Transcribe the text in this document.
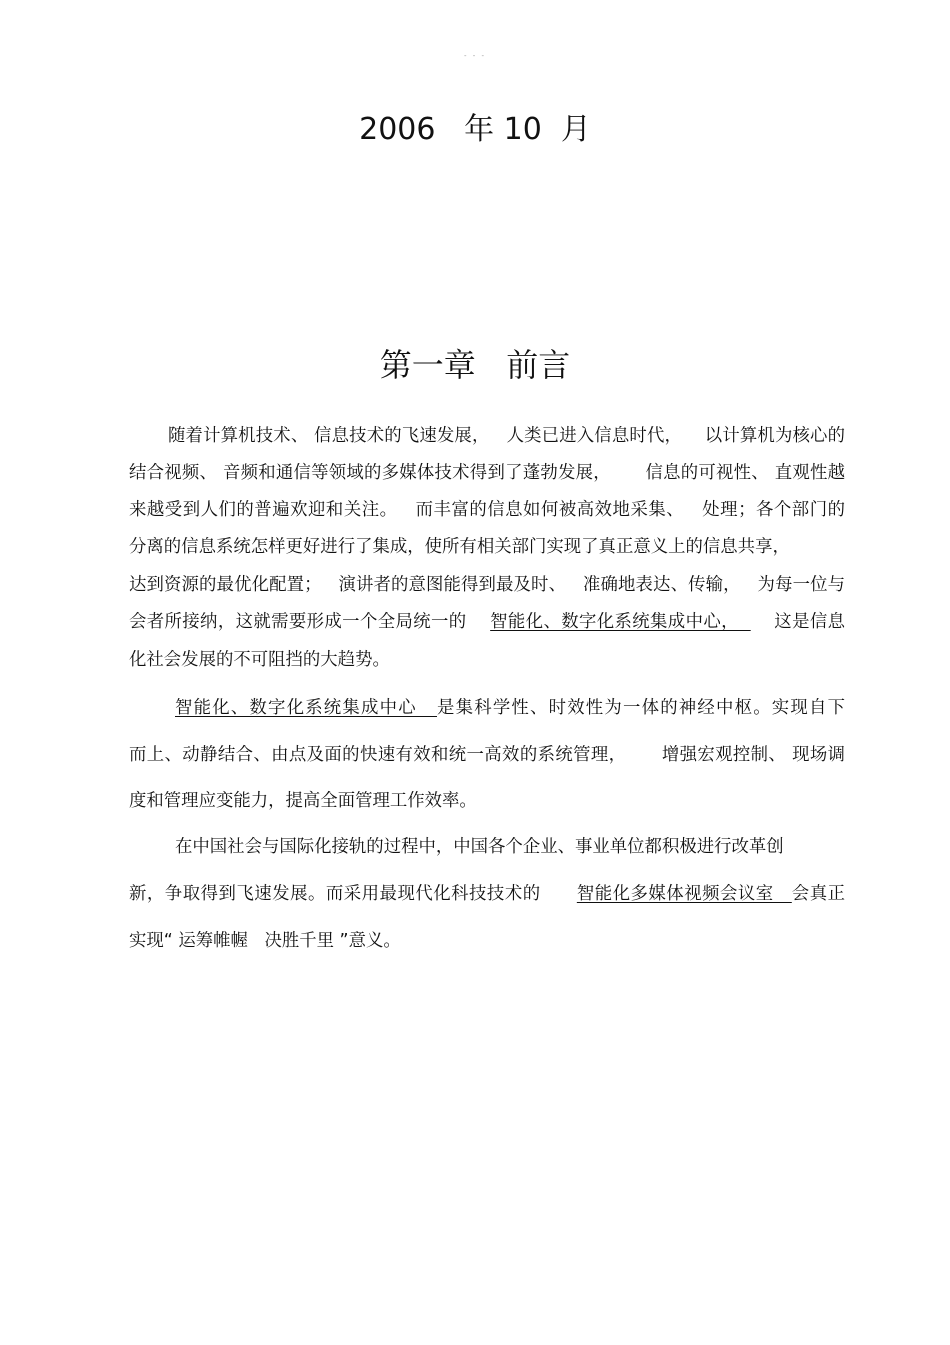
- - -
2006   年 10  月
第一章   前言
随着计算机技术、 信息技术的飞速发展，   人类已进入信息时代，    以计算机为核心的
结合视频、 音频和通信等领域的多媒体技术得到了蓬勃发展，      信息的可视性、 直观性越
来越受到人们的普遍欢迎和关注。   而丰富的信息如何被高效地采集、   处理；各个部门的
分离的信息系统怎样更好进行了集成，使所有相关部门实现了真正意义上的信息共享，
达到资源的最优化配置；   演讲者的意图能得到最及时、   准确地表达、传输，   为每一位与
会者所接纳，这就需要形成一个全局统一的    智能化、数字化系统集成中心，      这是信息
化社会发展的不可阻挡的大趋势。
智能化、数字化系统集成中心   是集科学性、时效性为一体的神经中枢。实现自下
而上、动静结合、由点及面的快速有效和统一高效的系统管理，      增强宏观控制、 现场调
度和管理应变能力，提高全面管理工作效率。
在中国社会与国际化接轨的过程中，中国各个企业、事业单位都积极进行改革创
新，争取得到飞速发展。而采用最现代化科技技术的      智能化多媒体视频会议室   会真正
实现“ 运筹帷幄   决胜千里 ”意义。
